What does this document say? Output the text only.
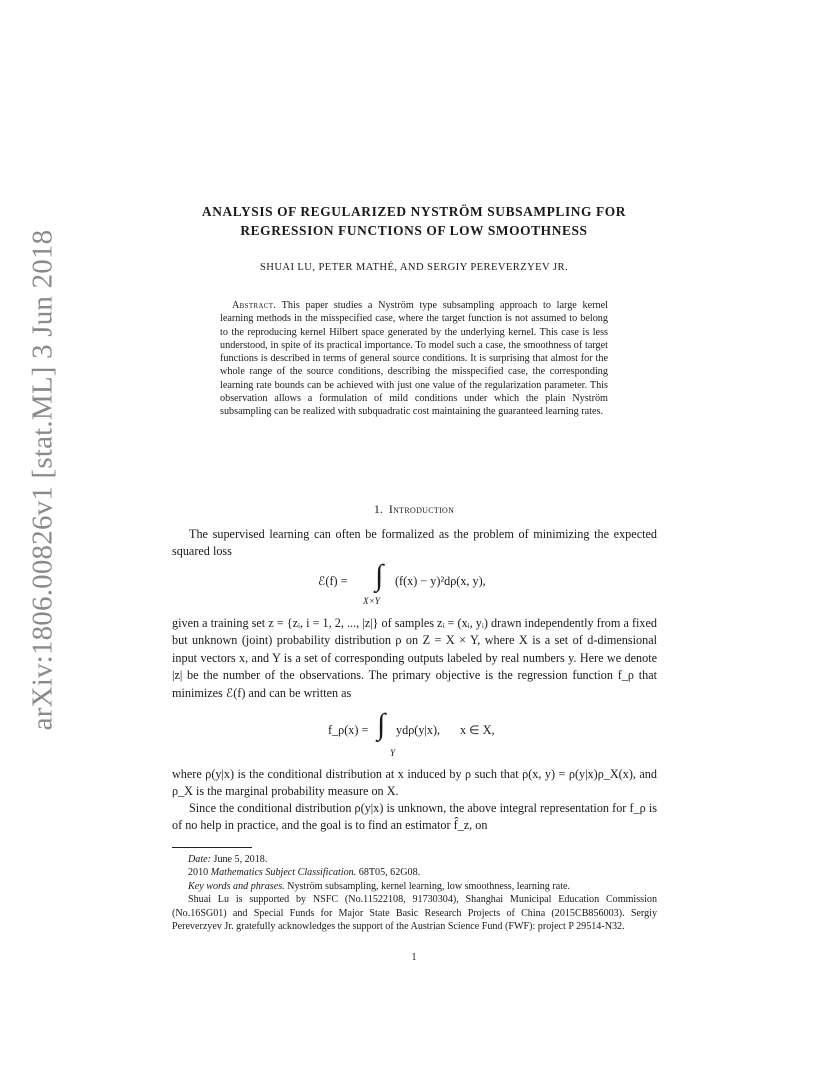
arXiv:1806.00826v1 [stat.ML] 3 Jun 2018
ANALYSIS OF REGULARIZED NYSTRÖM SUBSAMPLING FOR
REGRESSION FUNCTIONS OF LOW SMOOTHNESS
SHUAI LU, PETER MATHÉ, AND SERGIY PEREVERZYEV JR.
Abstract. This paper studies a Nyström type subsampling approach to large kernel learning methods in the misspecified case, where the target function is not assumed to belong to the reproducing kernel Hilbert space generated by the underlying kernel. This case is less understood, in spite of its practical importance. To model such a case, the smoothness of target functions is described in terms of general source conditions. It is surprising that almost for the whole range of the source conditions, describing the misspecified case, the corresponding learning rate bounds can be achieved with just one value of the regularization parameter. This observation allows a formulation of mild conditions under which the plain Nyström subsampling can be realized with subquadratic cost maintaining the guaranteed learning rates.
1. Introduction
The supervised learning can often be formalized as the problem of minimizing the expected squared loss
ℰ(f) = ∫ (f(x) − y)²dρ(x, y),
X×Y
given a training set z = {zᵢ, i = 1, 2, ..., |z|} of samples zᵢ = (xᵢ, yᵢ) drawn independently from a fixed but unknown (joint) probability distribution ρ on Z = X × Y, where X is a set of d-dimensional input vectors x, and Y is a set of corresponding outputs labeled by real numbers y. Here we denote |z| be the number of the observations. The primary objective is the regression function f_ρ that minimizes ℰ(f) and can be written as
f_ρ(x) = ∫ ydρ(y|x),
Y
x ∈ X,
where ρ(y|x) is the conditional distribution at x induced by ρ such that ρ(x, y) = ρ(y|x)ρ_X(x), and ρ_X is the marginal probability measure on X.
Since the conditional distribution ρ(y|x) is unknown, the above integral representation for f_ρ is of no help in practice, and the goal is to find an estimator f̂_z, on

Date: June 5, 2018.

2010 Mathematics Subject Classification. 68T05, 62G08.

Key words and phrases. Nyström subsampling, kernel learning, low smoothness, learning rate.

Shuai Lu is supported by NSFC (No.11522108, 91730304), Shanghai Municipal Education Commission (No.16SG01) and Special Funds for Major State Basic Research Projects of China (2015CB856003). Sergiy Pereverzyev Jr. gratefully acknowledges the support of the Austrian Science Fund (FWF): project P 29514-N32.

1
